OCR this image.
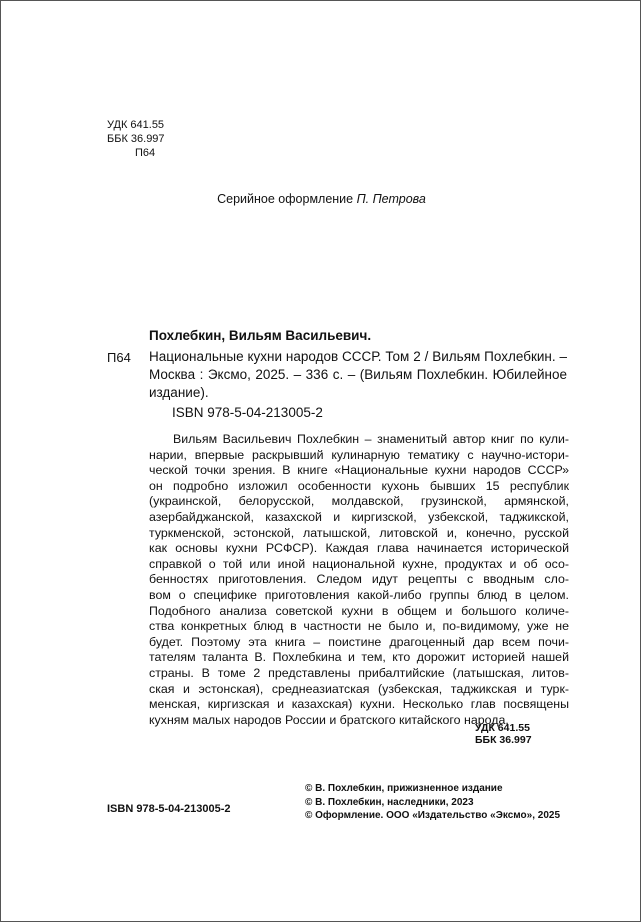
УДК 641.55
ББК 36.997
П64
Серийное оформление П. Петрова
Похлебкин, Вильям Васильевич.
П64 Национальные кухни народов СССР. Том 2 / Вильям Похлебкин. – Москва : Эксмо, 2025. – 336 с. – (Вильям Похлебкин. Юбилейное издание).
ISBN 978-5-04-213005-2
Вильям Васильевич Похлебкин – знаменитый автор книг по кули-
нарии, впервые раскрывший кулинарную тематику с научно-истори-
ческой точки зрения. В книге «Национальные кухни народов СССР»
он подробно изложил особенности кухонь бывших 15 республик
(украинской, белорусской, молдавской, грузинской, армянской,
азербайджанской, казахской и киргизской, узбекской, таджикской,
туркменской, эстонской, латышской, литовской и, конечно, русской
как основы кухни РСФСР). Каждая глава начинается исторической
справкой о той или иной национальной кухне, продуктах и об осо-
бенностях приготовления. Следом идут рецепты с вводным сло-
вом о специфике приготовления какой-либо группы блюд в целом.
Подобного анализа советской кухни в общем и большого количе-
ства конкретных блюд в частности не было и, по-видимому, уже не
будет. Поэтому эта книга – поистине драгоценный дар всем почи-
тателям таланта В. Похлебкина и тем, кто дорожит историей нашей
страны. В томе 2 представлены прибалтийские (латышская, литов-
ская и эстонская), среднеазиатская (узбекская, таджикская и турк-
менская, киргизская и казахская) кухни. Несколько глав посвящены
кухням малых народов России и братского китайского народа.
УДК 641.55
ББК 36.997
© В. Похлебкин, прижизненное издание
© В. Похлебкин, наследники, 2023
© Оформление. ООО «Издательство «Эксмо», 2025
ISBN 978-5-04-213005-2
